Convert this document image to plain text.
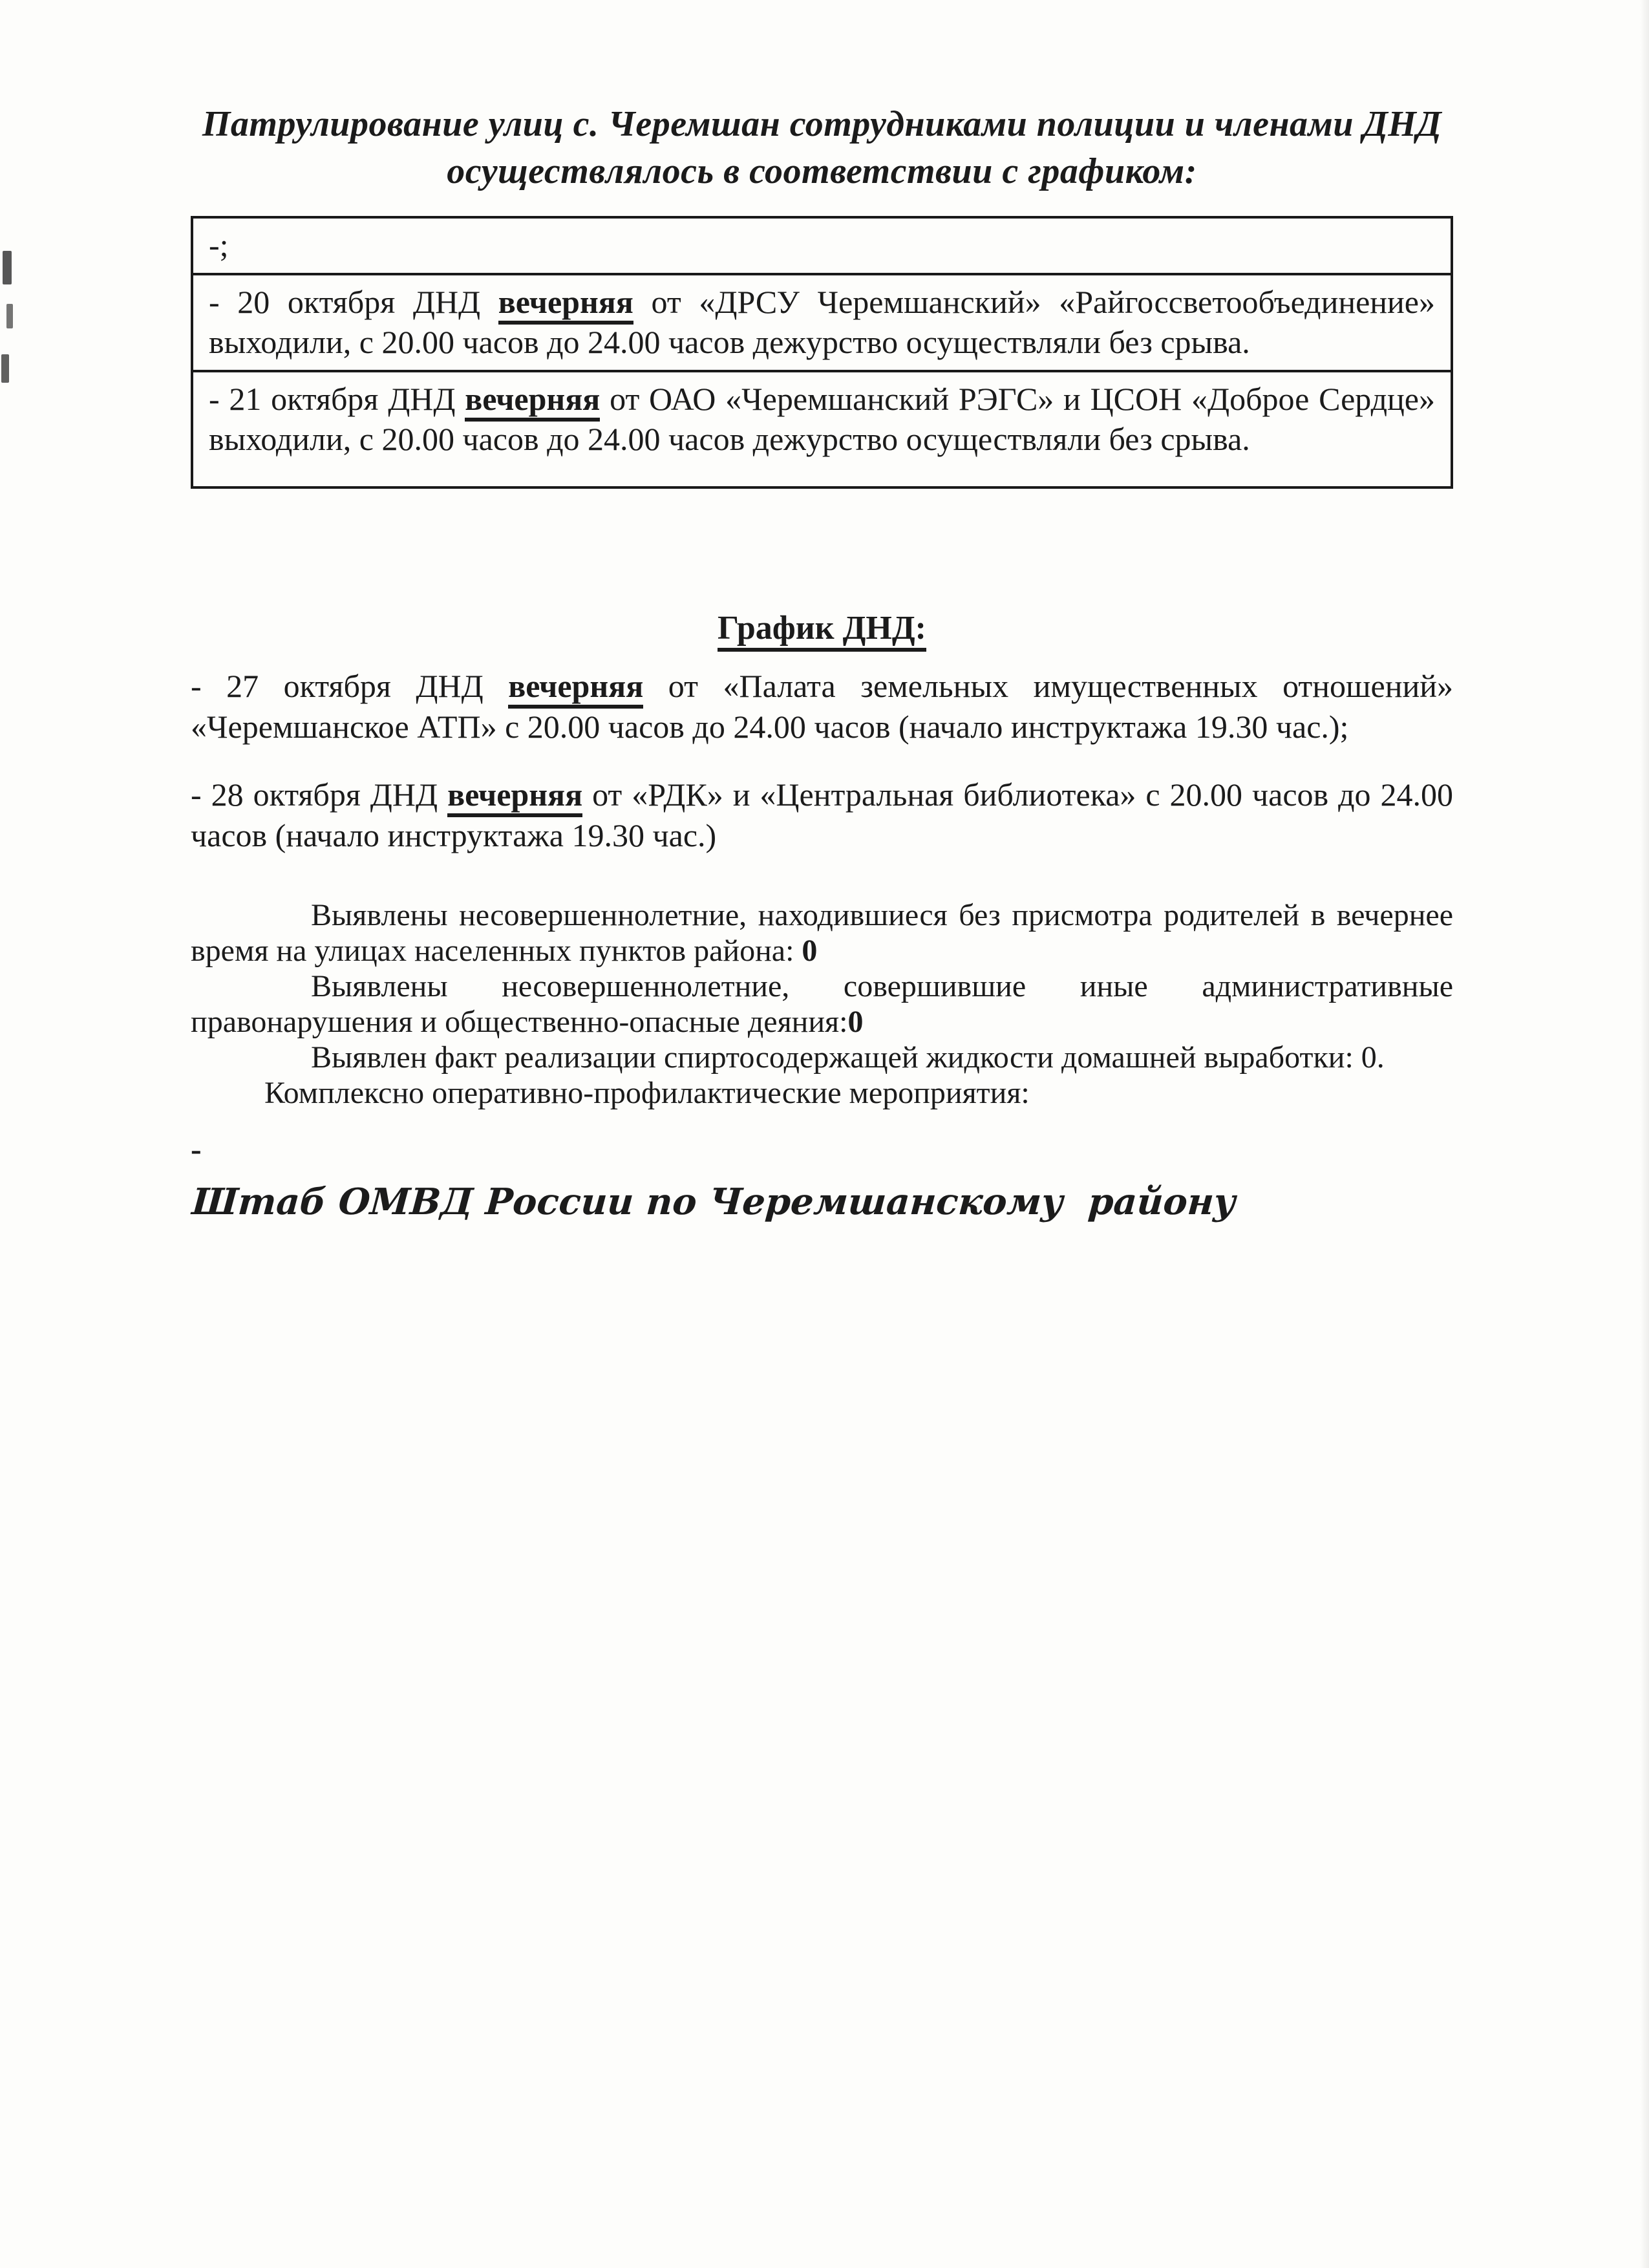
Патрулирование улиц с. Черемшан сотрудниками полиции и членами ДНД
осуществлялось в соответствии с графиком:
-;
- 20 октября ДНД вечерняя от «ДРСУ Черемшанский» «Райгоссветообъединение» выходили, с 20.00 часов до 24.00 часов дежурство осуществляли без срыва.
- 21 октября ДНД вечерняя от ОАО «Черемшанский РЭГС» и ЦСОН «Доброе Сердце» выходили, с 20.00 часов до 24.00 часов дежурство осуществляли без срыва.
График ДНД:

- 27 октября ДНД вечерняя от «Палата земельных имущественных отношений» «Черемшанское АТП» с 20.00 часов до 24.00 часов (начало инструктажа 19.30 час.);

- 28 октября ДНД вечерняя от «РДК» и «Центральная библиотека» с 20.00 часов до 24.00 часов (начало инструктажа 19.30 час.)

Выявлены несовершеннолетние, находившиеся без присмотра родителей в вечернее время на улицах населенных пунктов района: 0

Выявлены несовершеннолетние, совершившие иные административные правонарушения и общественно-опасные деяния:0

Выявлен факт реализации спиртосодержащей жидкости домашней выработки: 0.

Комплексно оперативно-профилактические мероприятия:

-
Штаб ОМВД России по Черемшанскому  району
